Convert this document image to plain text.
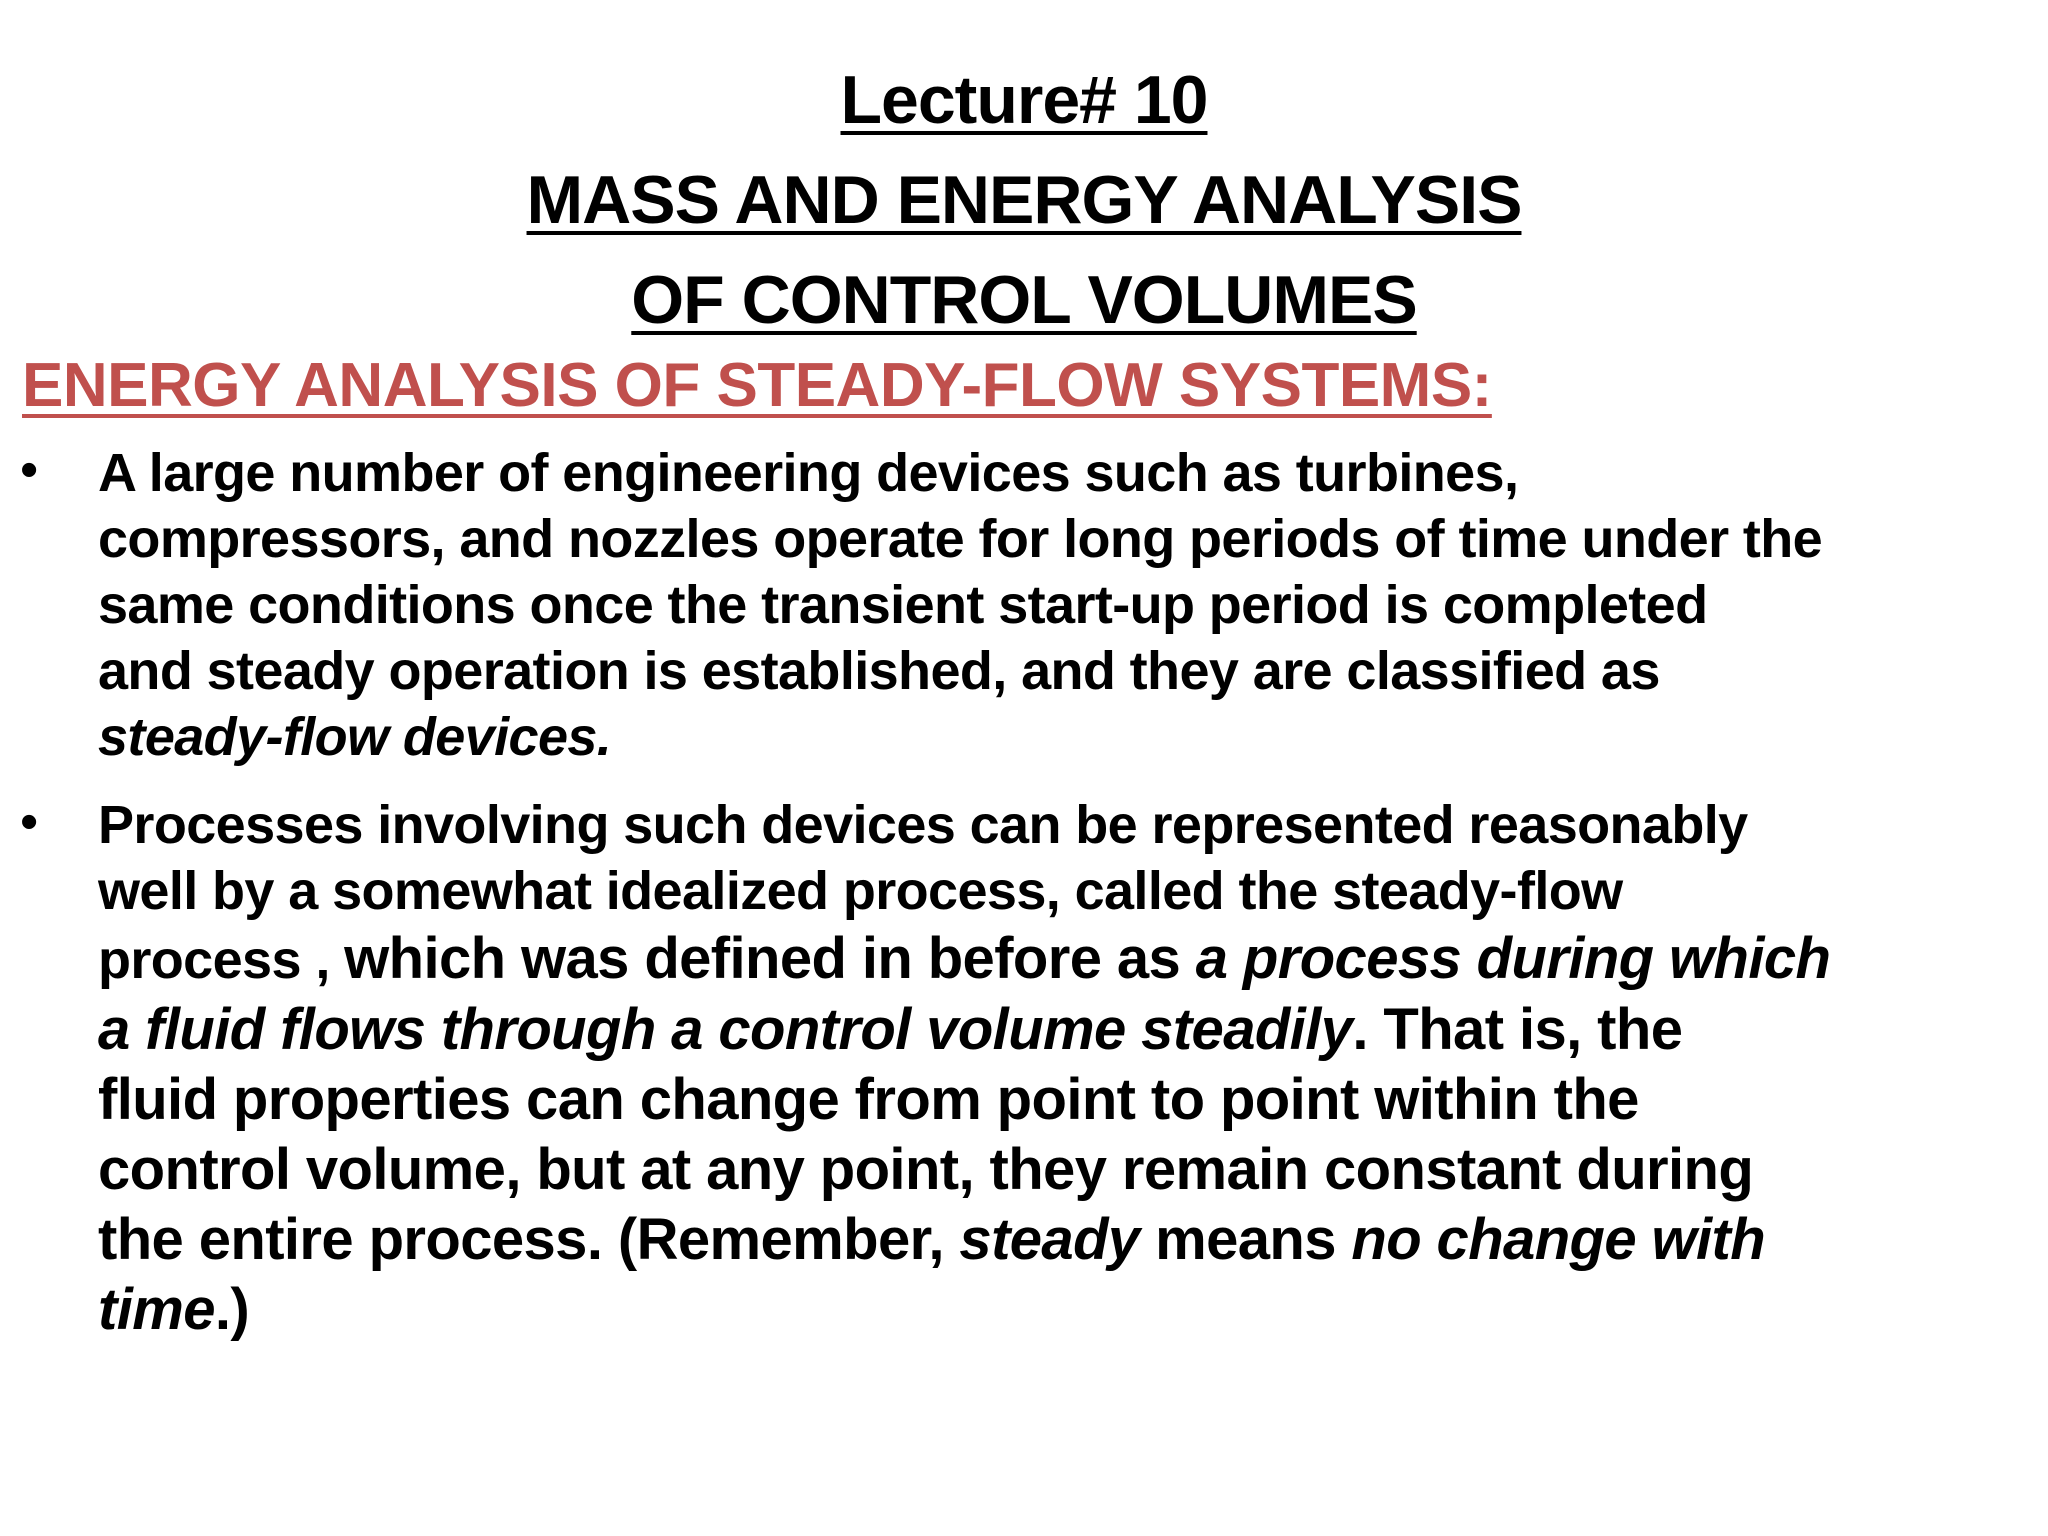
Lecture# 10
MASS AND ENERGY ANALYSIS
OF CONTROL VOLUMES
ENERGY ANALYSIS OF STEADY-FLOW SYSTEMS:
• A large number of engineering devices such as turbines,
compressors, and nozzles operate for long periods of time under the
same conditions once the transient start-up period is completed
and steady operation is established, and they are classified as
steady-flow devices.
• Processes involving such devices can be represented reasonably
well by a somewhat idealized process, called the steady-flow
process , which was defined in before as a process during which
a fluid flows through a control volume steadily. That is, the
fluid properties can change from point to point within the
control volume, but at any point, they remain constant during
the entire process. (Remember, steady means no change with
time.)
